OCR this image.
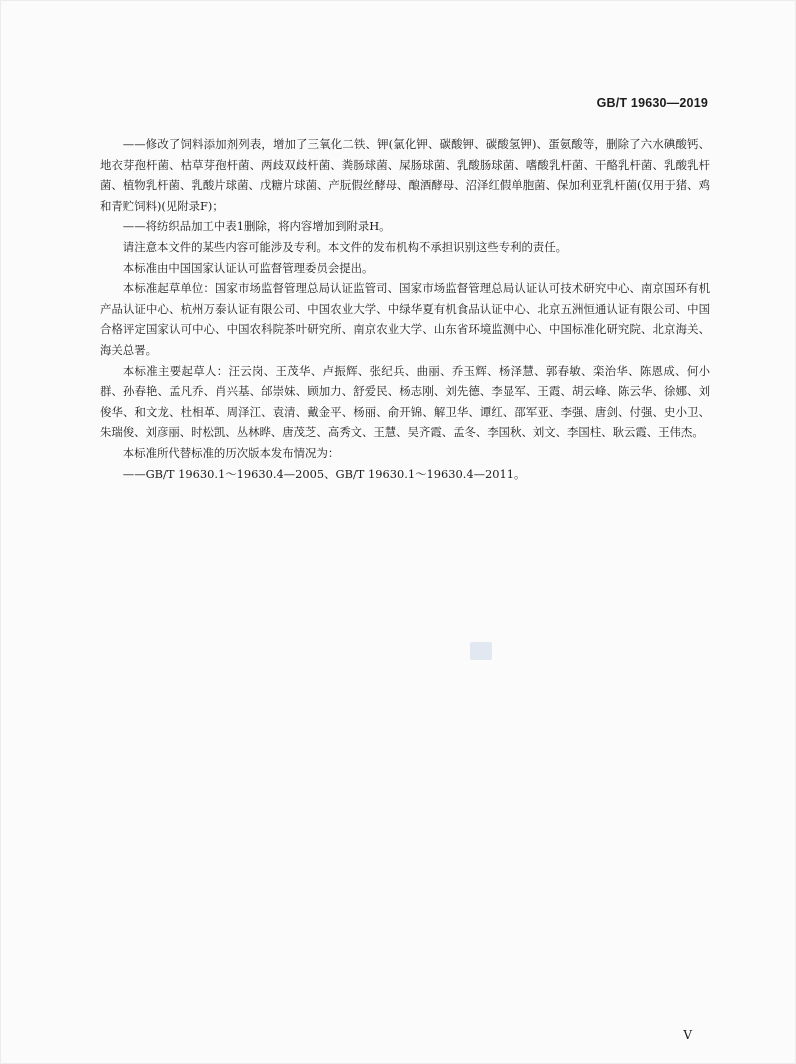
GB/T 19630—2019

——修改了饲料添加剂列表，增加了三氧化二铁、钾(氯化钾、碳酸钾、碳酸氢钾)、蛋氨酸等，删除了六水碘酸钙、地衣芽孢杆菌、枯草芽孢杆菌、两歧双歧杆菌、粪肠球菌、屎肠球菌、乳酸肠球菌、嗜酸乳杆菌、干酪乳杆菌、乳酸乳杆菌、植物乳杆菌、乳酸片球菌、戊糖片球菌、产朊假丝酵母、酿酒酵母、沼泽红假单胞菌、保加利亚乳杆菌(仅用于猪、鸡和青贮饲料)(见附录F)；

——将纺织品加工中表1删除，将内容增加到附录H。

请注意本文件的某些内容可能涉及专利。本文件的发布机构不承担识别这些专利的责任。

本标准由中国国家认证认可监督管理委员会提出。

本标准起草单位：国家市场监督管理总局认证监管司、国家市场监督管理总局认证认可技术研究中心、南京国环有机产品认证中心、杭州万泰认证有限公司、中国农业大学、中绿华夏有机食品认证中心、北京五洲恒通认证有限公司、中国合格评定国家认可中心、中国农科院茶叶研究所、南京农业大学、山东省环境监测中心、中国标准化研究院、北京海关、海关总署。

本标准主要起草人：汪云岗、王茂华、卢振辉、张纪兵、曲丽、乔玉辉、杨泽慧、郭春敏、栾治华、陈恩成、何小群、孙春艳、孟凡乔、肖兴基、邰崇妹、顾加力、舒爱民、杨志刚、刘先德、李显军、王霞、胡云峰、陈云华、徐娜、刘俊华、和文龙、杜相革、周泽江、袁清、戴金平、杨丽、俞开锦、解卫华、谭红、邵军亚、李强、唐剑、付强、史小卫、朱瑞俊、刘彦丽、时松凯、丛林晔、唐茂芝、高秀文、王慧、吴齐霞、孟冬、李国秋、刘文、李国柱、耿云霞、王伟杰。

本标准所代替标准的历次版本发布情况为：

——GB/T 19630.1～19630.4—2005、GB/T 19630.1～19630.4—2011。

V
